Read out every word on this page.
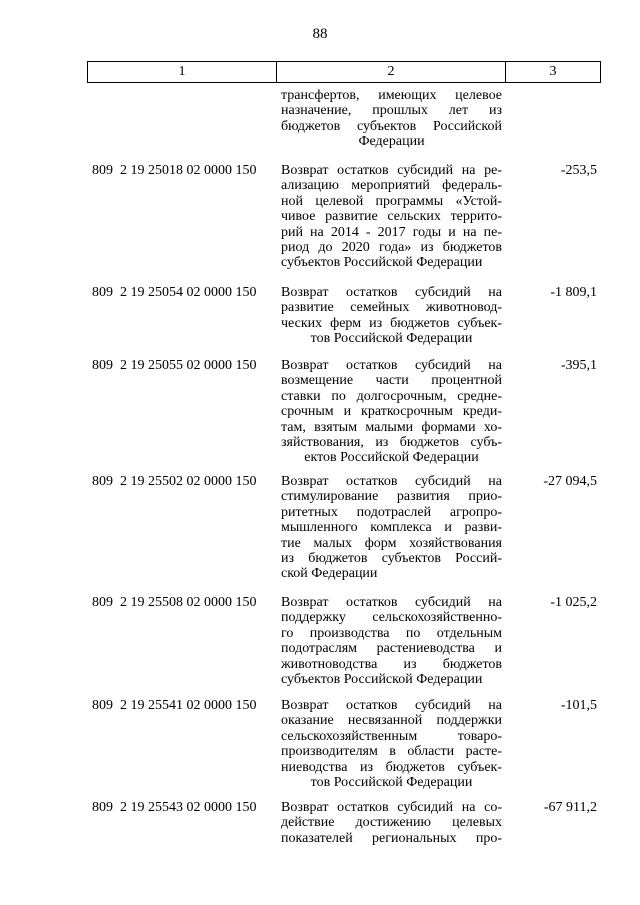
88
1	2	3
трансфертов, имеющих целевое
назначение, прошлых лет из
бюджетов субъектов Российской
Федерации
809  2 19 25018 02 0000 150 Возврат остатков субсидий на ре-
ализацию мероприятий федераль-
ной целевой программы «Устой-
чивое развитие сельских террито-
рий на 2014 - 2017 годы и на пе-
риод до 2020 года» из бюджетов
субъектов Российской Федерации
-253,5
809  2 19 25054 02 0000 150 Возврат остатков субсидий на
развитие семейных животновод-
ческих ферм из бюджетов субъек-
тов Российской Федерации
-1 809,1
809  2 19 25055 02 0000 150 Возврат остатков субсидий на
возмещение части процентной
ставки по долгосрочным, средне-
срочным и краткосрочным креди-
там, взятым малыми формами хо-
зяйствования, из бюджетов субъ-
ектов Российской Федерации
-395,1
809  2 19 25502 02 0000 150 Возврат остатков субсидий на
стимулирование развития прио-
ритетных подотраслей агропро-
мышленного комплекса и разви-
тие малых форм хозяйствования
из бюджетов субъектов Россий-
ской Федерации
-27 094,5
809  2 19 25508 02 0000 150 Возврат остатков субсидий на
поддержку сельскохозяйственно-
го производства по отдельным
подотраслям растениеводства и
животноводства из бюджетов
субъектов Российской Федерации
-1 025,2
809  2 19 25541 02 0000 150 Возврат остатков субсидий на
оказание несвязанной поддержки
сельскохозяйственным товаро-
производителям в области расте-
ниеводства из бюджетов субъек-
тов Российской Федерации
-101,5
809  2 19 25543 02 0000 150 Возврат остатков субсидий на со-
действие достижению целевых
показателей региональных про-
-67 911,2
